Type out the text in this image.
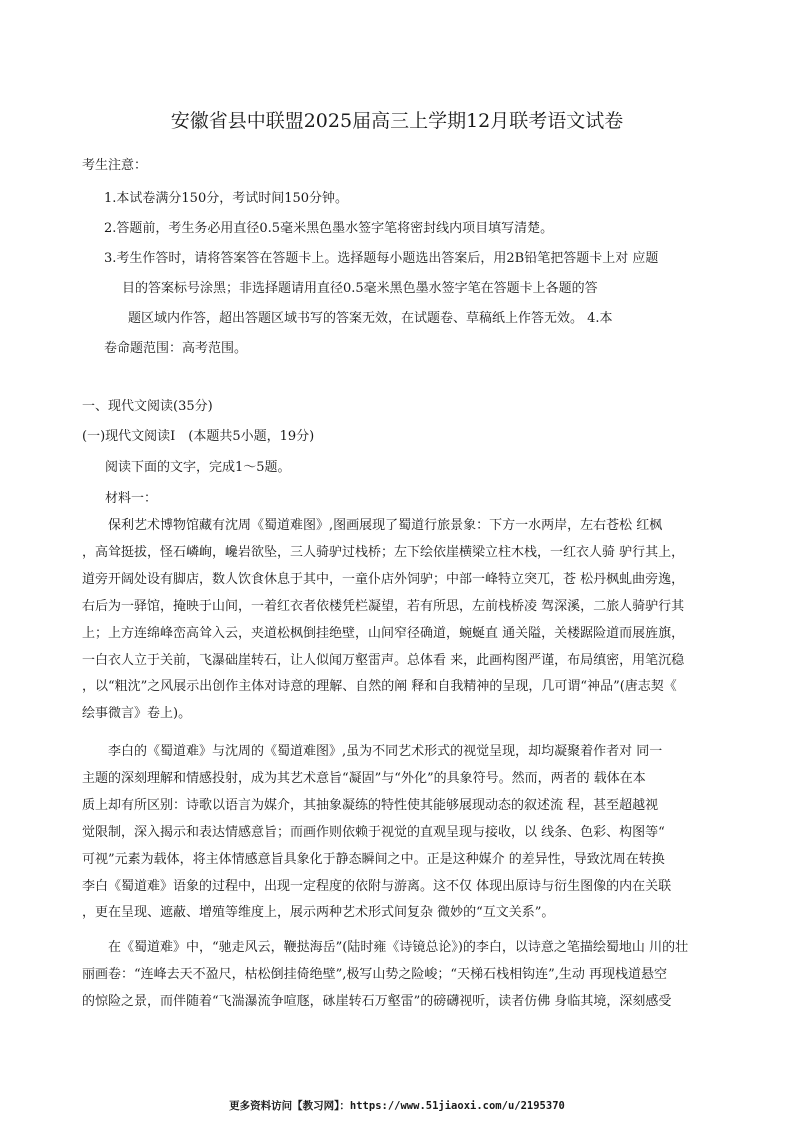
安徽省县中联盟2025届高三上学期12月联考语文试卷

考生注意：

1.本试卷满分150分，考试时间150分钟。
2.答题前，考生务必用直径0.5毫米黑色墨水签字笔将密封线内项目填写清楚。
3.考生作答时，请将答案答在答题卡上。选择题每小题选出答案后，用2B铅笔把答题卡上对 应题
目的答案标号涂黑；非选择题请用直径0.5毫米黑色墨水签字笔在答题卡上各题的答
题区域内作答，超出答题区域书写的答案无效，在试题卷、草稿纸上作答无效。 4.本
卷命题范围：高考范围。

一、现代文阅读(35分)

(一)现代文阅读Ⅰ　(本题共5小题，19分)

阅读下面的文字，完成1～5题。

材料一：

　　保利艺术博物馆藏有沈周《蜀道难图》,图画展现了蜀道行旅景象：下方一水两岸，左右苍松 红枫
，高耸挺拔，怪石嶙峋，巉岩欲坠，三人骑驴过栈桥；左下绘依崖横梁立柱木栈，一红衣人骑 驴行其上，
道旁开阔处设有脚店，数人饮食休息于其中，一童仆店外饲驴；中部一峰特立突兀，苍 松丹枫虬曲旁逸，
右后为一驿馆，掩映于山间，一着红衣者依楼凭栏凝望，若有所思，左前栈桥凌 驾深溪，二旅人骑驴行其
上；上方连绵峰峦高耸入云，夹道松枫倒挂绝壁，山间窄径确道，蜿蜒直 通关隘，关楼踞险道而展旌旗，
一白衣人立于关前，飞瀑础崖转石，让人似闻万壑雷声。总体看 来，此画构图严谨，布局缜密，用笔沉稳
，以“粗沈”之风展示出创作主体对诗意的理解、自然的阐 释和自我精神的呈现，几可谓“神品”(唐志契《
绘事微言》卷上)。
　　李白的《蜀道难》与沈周的《蜀道难图》,虽为不同艺术形式的视觉呈现，却均凝聚着作者对 同一
主题的深刻理解和情感投射，成为其艺术意旨“凝固”与“外化”的具象符号。然而，两者的 载体在本
质上却有所区别：诗歌以语言为媒介，其抽象凝练的特性使其能够展现动态的叙述流 程，甚至超越视
觉限制，深入揭示和表达情感意旨；而画作则依赖于视觉的直观呈现与接收，以 线条、色彩、构图等“
可视”元素为载体，将主体情感意旨具象化于静态瞬间之中。正是这种媒介 的差异性，导致沈周在转换
李白《蜀道难》语象的过程中，出现一定程度的依附与游离。这不仅 体现出原诗与衍生图像的内在关联
，更在呈现、遮蔽、增殖等维度上，展示两种艺术形式间复杂 微妙的“互文关系”。
　　在《蜀道难》中，“驰走风云，鞭挞海岳”(陆时雍《诗镜总论》)的李白，以诗意之笔描绘蜀地山 川的壮
丽画卷：“连峰去天不盈尺，枯松倒挂倚绝壁”,极写山势之险峻；“天梯石栈相钩连”,生动 再现栈道悬空
的惊险之景，而伴随着“飞湍瀑流争喧豗，砯崖转石万壑雷”的磅礴视听，读者仿佛 身临其境，深刻感受
更多资料访问【教习网】：https://www.51jiaoxi.com/u/2195370
